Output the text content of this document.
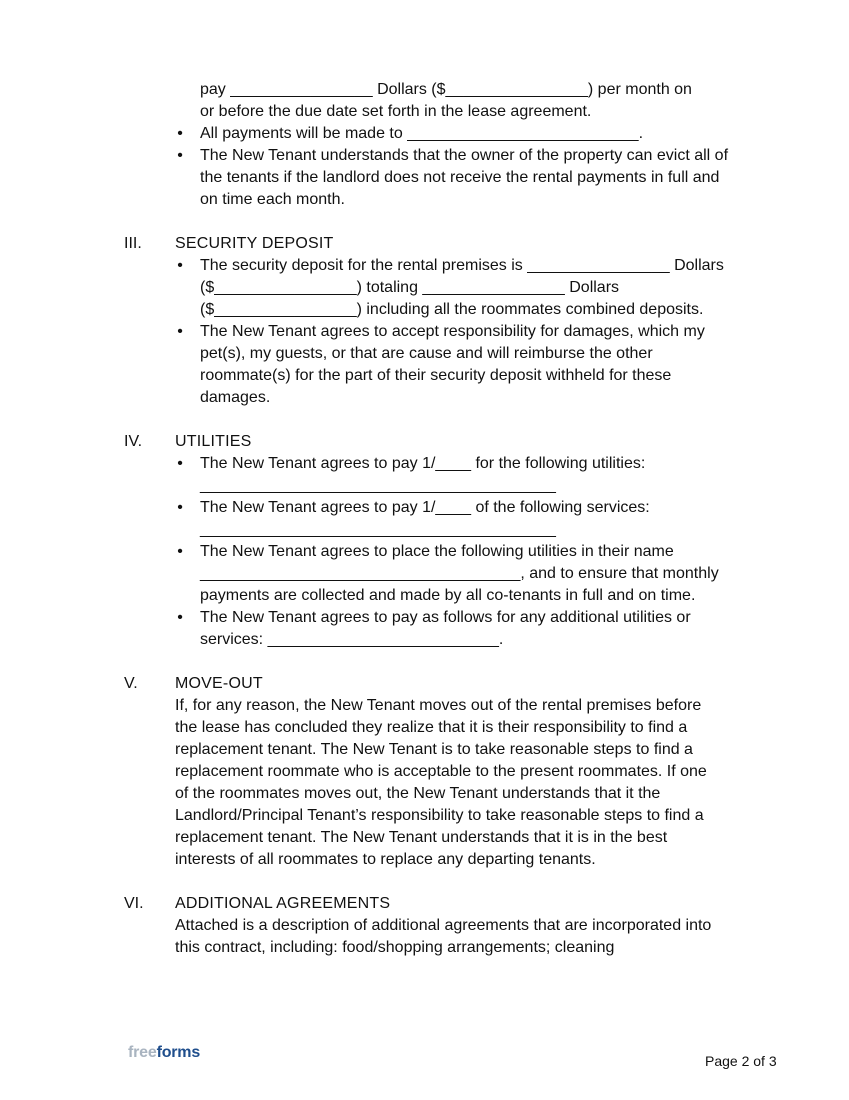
pay ________________ Dollars ($________________) per month on
or before the due date set forth in the lease agreement.
• All payments will be made to __________________________.
• The New Tenant understands that the owner of the property can evict all of the tenants if the landlord does not receive the rental payments in full and on time each month.
III. SECURITY DEPOSIT
• The security deposit for the rental premises is ________________ Dollars ($________________) totaling ________________ Dollars ($________________) including all the roommates combined deposits.
• The New Tenant agrees to accept responsibility for damages, which my pet(s), my guests, or that are cause and will reimburse the other roommate(s) for the part of their security deposit withheld for these damages.
IV. UTILITIES
• The New Tenant agrees to pay 1/____ for the following utilities: ________________________________________
• The New Tenant agrees to pay 1/____ of the following services: ________________________________________
• The New Tenant agrees to place the following utilities in their name ____________________________________, and to ensure that monthly payments are collected and made by all co-tenants in full and on time.
• The New Tenant agrees to pay as follows for any additional utilities or services: __________________________.
V. MOVE-OUT
If, for any reason, the New Tenant moves out of the rental premises before the lease has concluded they realize that it is their responsibility to find a replacement tenant. The New Tenant is to take reasonable steps to find a replacement roommate who is acceptable to the present roommates. If one of the roommates moves out, the New Tenant understands that it the Landlord/Principal Tenant’s responsibility to take reasonable steps to find a replacement tenant. The New Tenant understands that it is in the best interests of all roommates to replace any departing tenants.
VI. ADDITIONAL AGREEMENTS
Attached is a description of additional agreements that are incorporated into this contract, including: food/shopping arrangements; cleaning
freeforms	Page 2 of 3
